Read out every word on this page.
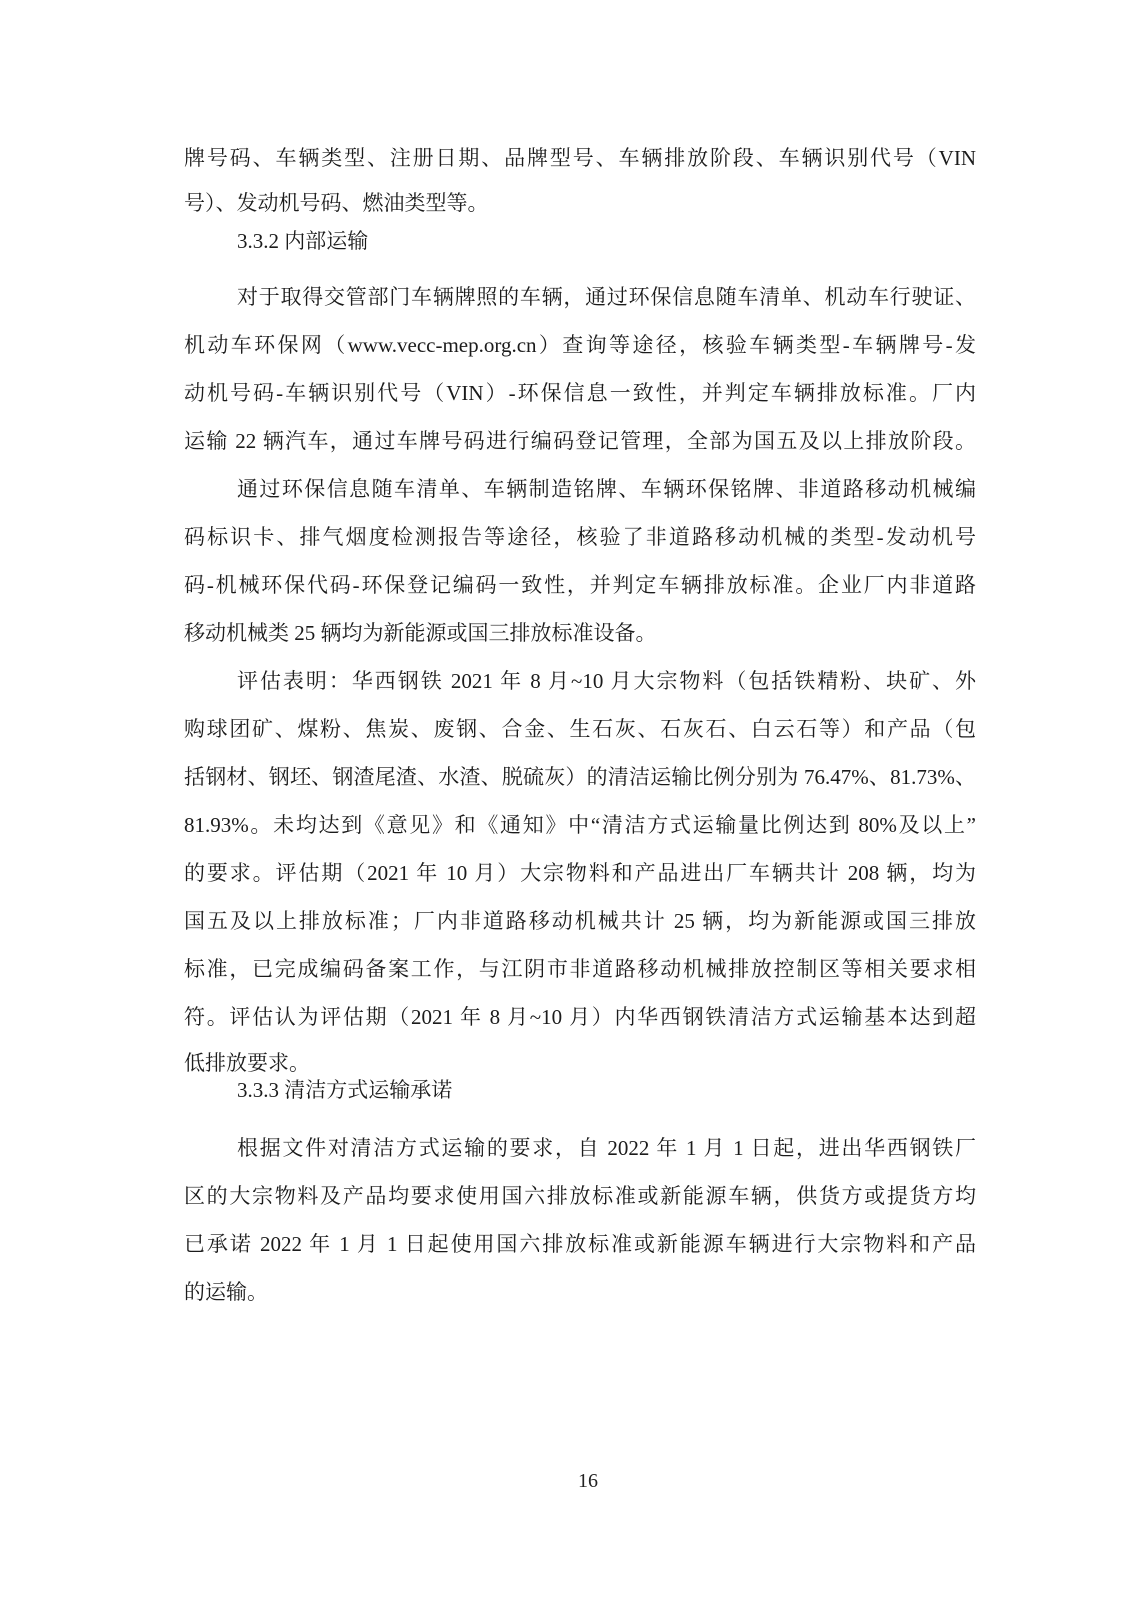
牌号码、车辆类型、注册日期、品牌型号、车辆排放阶段、车辆识别代号（VIN
号）、发动机号码、燃油类型等。
3.3.2 内部运输
对于取得交管部门车辆牌照的车辆，通过环保信息随车清单、机动车行驶证、
机动车环保网（www.vecc-mep.org.cn）查询等途径，核验车辆类型-车辆牌号-发
动机号码-车辆识别代号（VIN）-环保信息一致性，并判定车辆排放标准。厂内
运输 22 辆汽车，通过车牌号码进行编码登记管理，全部为国五及以上排放阶段。
通过环保信息随车清单、车辆制造铭牌、车辆环保铭牌、非道路移动机械编
码标识卡、排气烟度检测报告等途径，核验了非道路移动机械的类型-发动机号
码-机械环保代码-环保登记编码一致性，并判定车辆排放标准。企业厂内非道路
移动机械类 25 辆均为新能源或国三排放标准设备。
评估表明：华西钢铁 2021 年 8 月~10 月大宗物料（包括铁精粉、块矿、外
购球团矿、煤粉、焦炭、废钢、合金、生石灰、石灰石、白云石等）和产品（包
括钢材、钢坯、钢渣尾渣、水渣、脱硫灰）的清洁运输比例分别为 76.47%、81.73%、
81.93%。未均达到《意见》和《通知》中“清洁方式运输量比例达到 80%及以上”
的要求。评估期（2021 年 10 月）大宗物料和产品进出厂车辆共计 208 辆，均为
国五及以上排放标准；厂内非道路移动机械共计 25 辆，均为新能源或国三排放
标准，已完成编码备案工作，与江阴市非道路移动机械排放控制区等相关要求相
符。评估认为评估期（2021 年 8 月~10 月）内华西钢铁清洁方式运输基本达到超
低排放要求。
3.3.3 清洁方式运输承诺
根据文件对清洁方式运输的要求，自 2022 年 1 月 1 日起，进出华西钢铁厂
区的大宗物料及产品均要求使用国六排放标准或新能源车辆，供货方或提货方均
已承诺 2022 年 1 月 1 日起使用国六排放标准或新能源车辆进行大宗物料和产品
的运输。
16
